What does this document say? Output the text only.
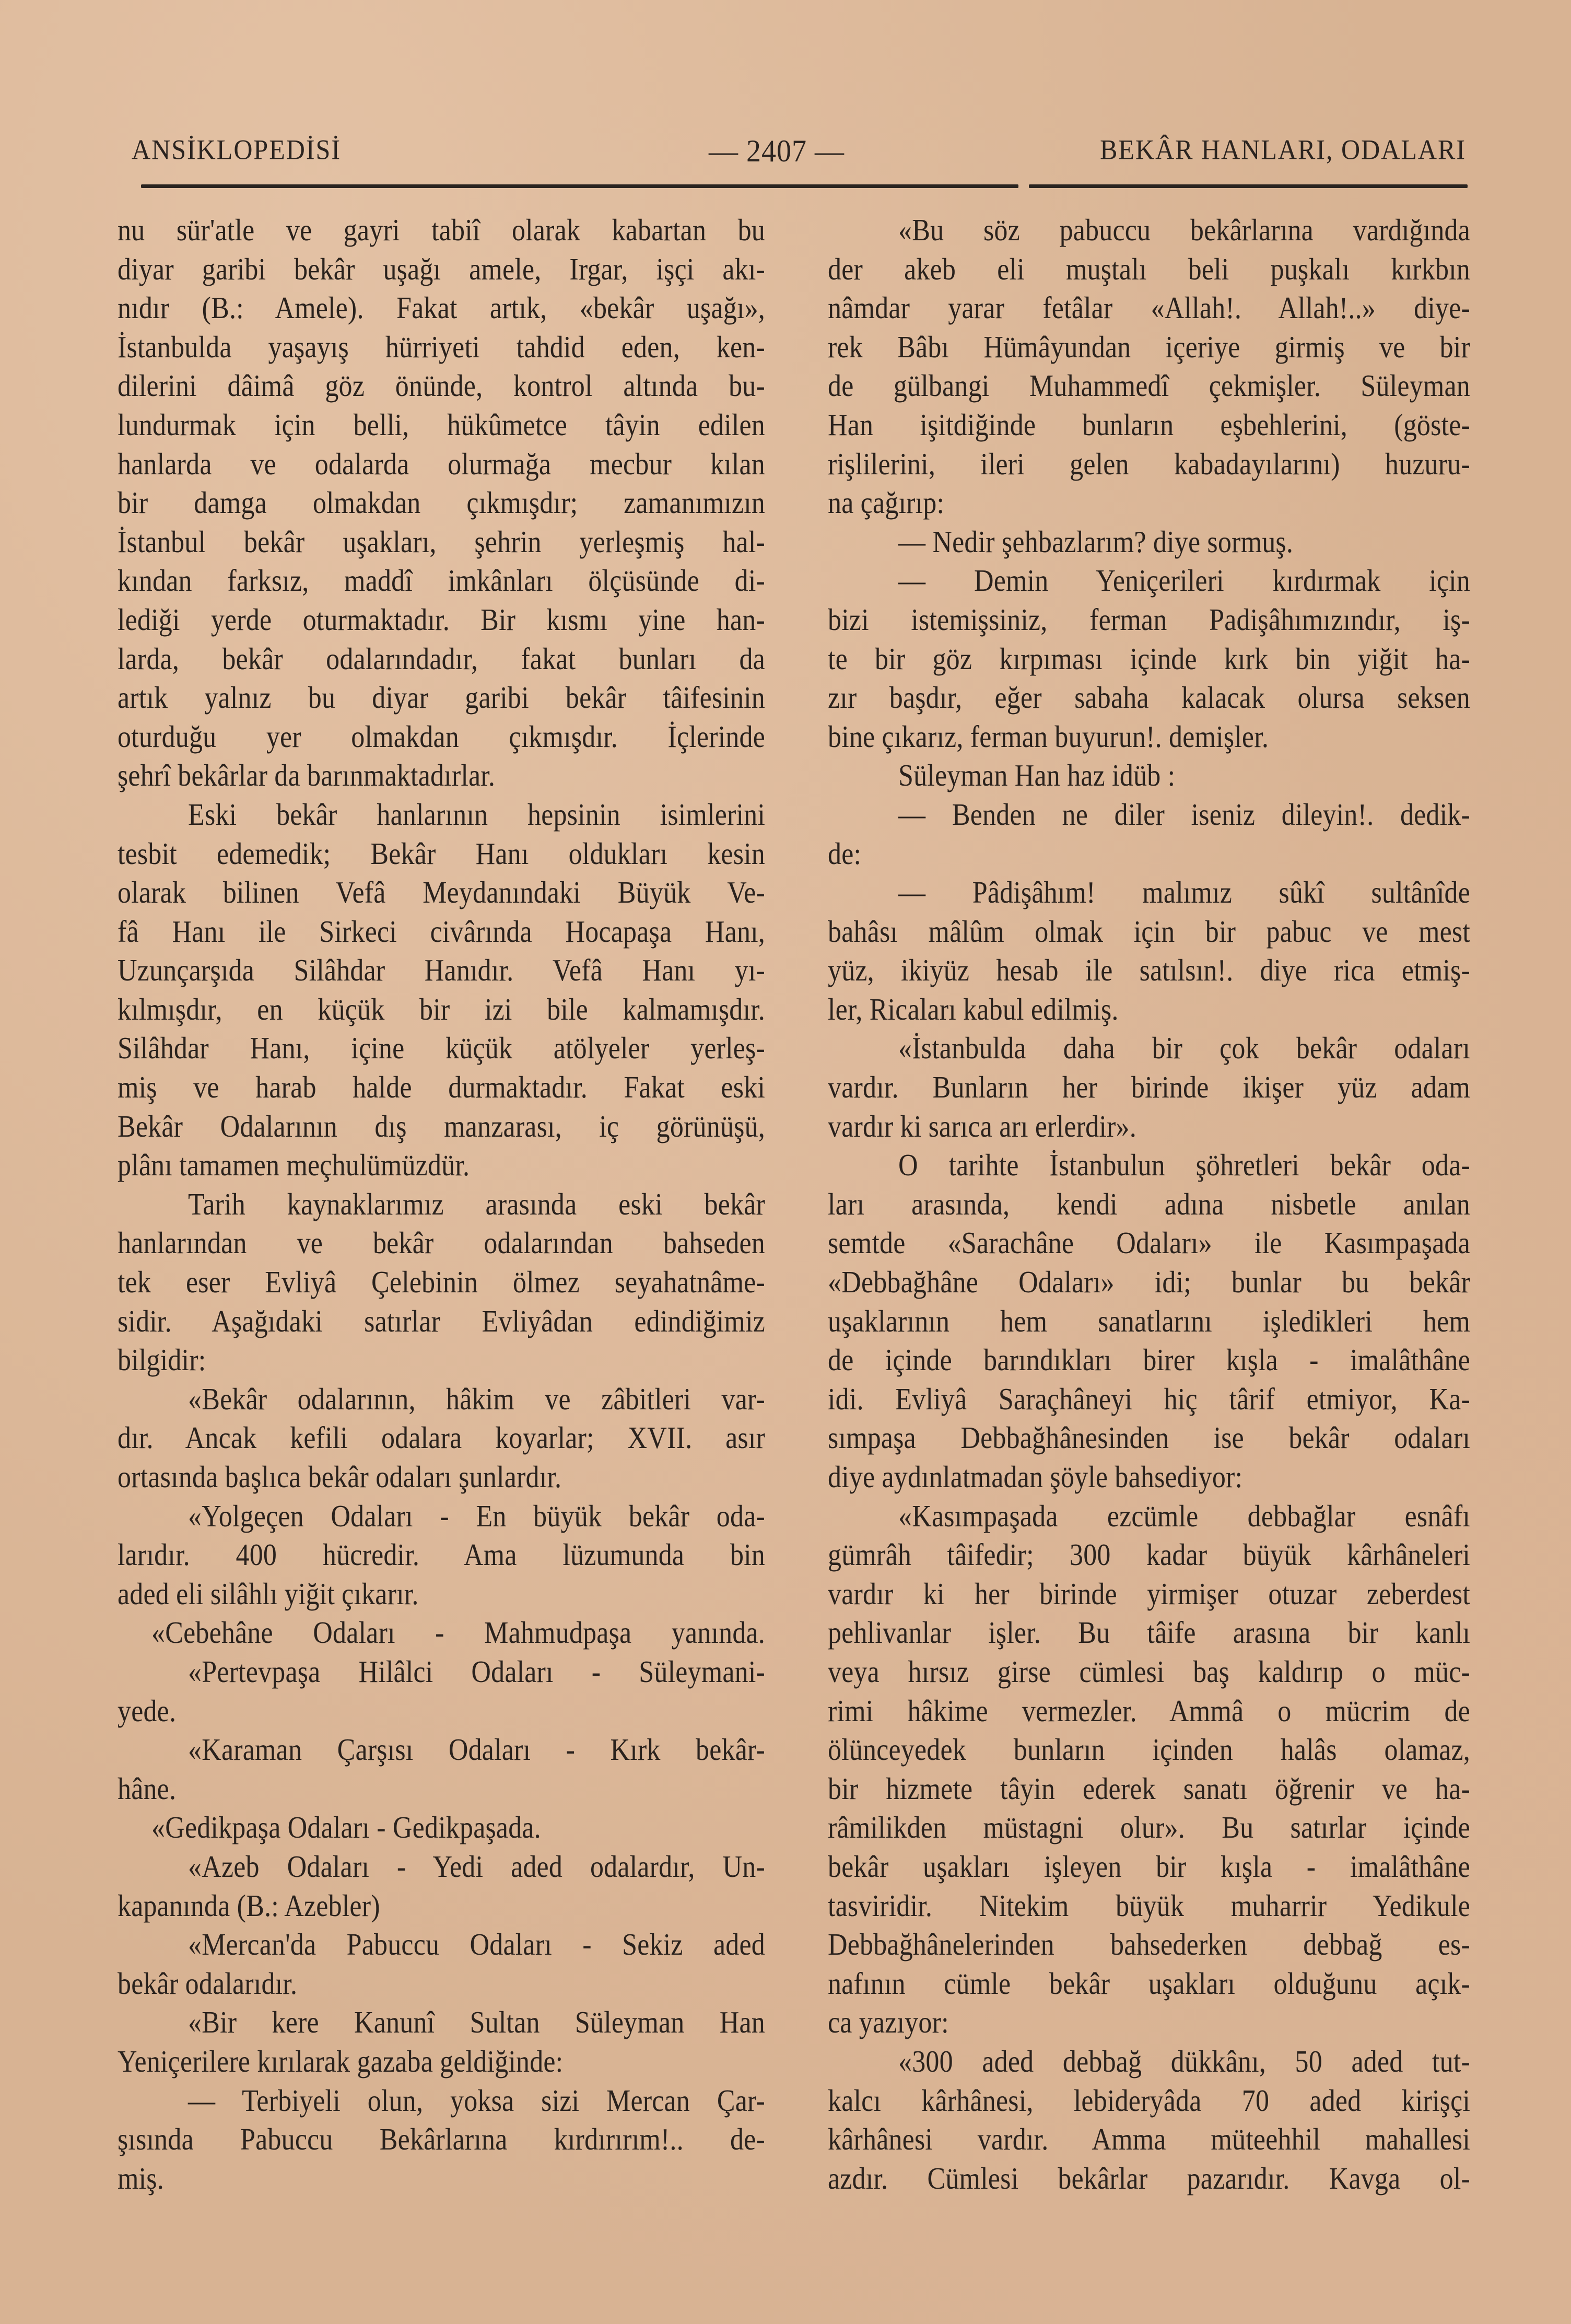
ANSİKLOPEDİSİ	— 2407 —	BEKÂR HANLARI, ODALARI
nu sür'atle ve gayri tabiî olarak kabartan bu
diyar garibi bekâr uşağı amele, Irgar, işçi akı-
nıdır (B.: Amele). Fakat artık, «bekâr uşağı»,
İstanbulda yaşayış hürriyeti tahdid eden, ken-
dilerini dâimâ göz önünde, kontrol altında bu-
lundurmak için belli, hükûmetce tâyin edilen
hanlarda ve odalarda olurmağa mecbur kılan
bir damga olmakdan çıkmışdır; zamanımızın
İstanbul bekâr uşakları, şehrin yerleşmiş hal-
kından farksız, maddî imkânları ölçüsünde di-
lediği yerde oturmaktadır. Bir kısmı yine han-
larda, bekâr odalarındadır, fakat bunları da
artık yalnız bu diyar garibi bekâr tâifesinin
oturduğu yer olmakdan çıkmışdır. İçlerinde
şehrî bekârlar da barınmaktadırlar.
Eski bekâr hanlarının hepsinin isimlerini
tesbit edemedik; Bekâr Hanı oldukları kesin
olarak bilinen Vefâ Meydanındaki Büyük Ve-
fâ Hanı ile Sirkeci civârında Hocapaşa Hanı,
Uzunçarşıda Silâhdar Hanıdır. Vefâ Hanı yı-
kılmışdır, en küçük bir izi bile kalmamışdır.
Silâhdar Hanı, içine küçük atölyeler yerleş-
miş ve harab halde durmaktadır. Fakat eski
Bekâr Odalarının dış manzarası, iç görünüşü,
plânı tamamen meçhulümüzdür.
Tarih kaynaklarımız arasında eski bekâr
hanlarından ve bekâr odalarından bahseden
tek eser Evliyâ Çelebinin ölmez seyahatnâme-
sidir. Aşağıdaki satırlar Evliyâdan edindiğimiz
bilgidir:
«Bekâr odalarının, hâkim ve zâbitleri var-
dır. Ancak kefili odalara koyarlar; XVII. asır
ortasında başlıca bekâr odaları şunlardır.
«Yolgeçen Odaları - En büyük bekâr oda-
larıdır. 400 hücredir. Ama lüzumunda bin
aded eli silâhlı yiğit çıkarır.
«Cebehâne Odaları - Mahmudpaşa yanında.
«Pertevpaşa Hilâlci Odaları - Süleymani-
yede.
«Karaman Çarşısı Odaları - Kırk bekâr-
hâne.
«Gedikpaşa Odaları - Gedikpaşada.
«Azeb Odaları - Yedi aded odalardır, Un-
kapanında (B.: Azebler)
«Mercan'da Pabuccu Odaları - Sekiz aded
bekâr odalarıdır.
«Bir kere Kanunî Sultan Süleyman Han
Yeniçerilere kırılarak gazaba geldiğinde:
— Terbiyeli olun, yoksa sizi Mercan Çar-
şısında Pabuccu Bekârlarına kırdırırım!.. de-
miş.
«Bu söz pabuccu bekârlarına vardığında
der akeb eli muştalı beli puşkalı kırkbın
nâmdar yarar fetâlar «Allah!. Allah!..» diye-
rek Bâbı Hümâyundan içeriye girmiş ve bir
de gülbangi Muhammedî çekmişler. Süleyman
Han işitdiğinde bunların eşbehlerini, (göste-
rişlilerini, ileri gelen kabadayılarını) huzuru-
na çağırıp:
— Nedir şehbazlarım? diye sormuş.
— Demin Yeniçerileri kırdırmak için
bizi istemişsiniz, ferman Padişâhımızındır, iş-
te bir göz kırpıması içinde kırk bin yiğit ha-
zır başdır, eğer sabaha kalacak olursa seksen
bine çıkarız, ferman buyurun!. demişler.
Süleyman Han haz idüb :
— Benden ne diler iseniz dileyin!. dedik-
de:
— Pâdişâhım! malımız sûkî sultânîde
bahâsı mâlûm olmak için bir pabuc ve mest
yüz, ikiyüz hesab ile satılsın!. diye rica etmiş-
ler, Ricaları kabul edilmiş.
«İstanbulda daha bir çok bekâr odaları
vardır. Bunların her birinde ikişer yüz adam
vardır ki sarıca arı erlerdir».
O tarihte İstanbulun şöhretleri bekâr oda-
ları arasında, kendi adına nisbetle anılan
semtde «Sarachâne Odaları» ile Kasımpaşada
«Debbağhâne Odaları» idi; bunlar bu bekâr
uşaklarının hem sanatlarını işledikleri hem
de içinde barındıkları birer kışla - imalâthâne
idi. Evliyâ Saraçhâneyi hiç târif etmiyor, Ka-
sımpaşa Debbağhânesinden ise bekâr odaları
diye aydınlatmadan şöyle bahsediyor:
«Kasımpaşada ezcümle debbağlar esnâfı
gümrâh tâifedir; 300 kadar büyük kârhâneleri
vardır ki her birinde yirmişer otuzar zeberdest
pehlivanlar işler. Bu tâife arasına bir kanlı
veya hırsız girse cümlesi baş kaldırıp o müc-
rimi hâkime vermezler. Ammâ o mücrim de
ölünceyedek bunların içinden halâs olamaz,
bir hizmete tâyin ederek sanatı öğrenir ve ha-
râmilikden müstagni olur». Bu satırlar içinde
bekâr uşakları işleyen bir kışla - imalâthâne
tasviridir. Nitekim büyük muharrir Yedikule
Debbağhânelerinden bahsederken debbağ es-
nafının cümle bekâr uşakları olduğunu açık-
ca yazıyor:
«300 aded debbağ dükkânı, 50 aded tut-
kalcı kârhânesi, lebideryâda 70 aded kirişçi
kârhânesi vardır. Amma müteehhil mahallesi
azdır. Cümlesi bekârlar pazarıdır. Kavga ol-
